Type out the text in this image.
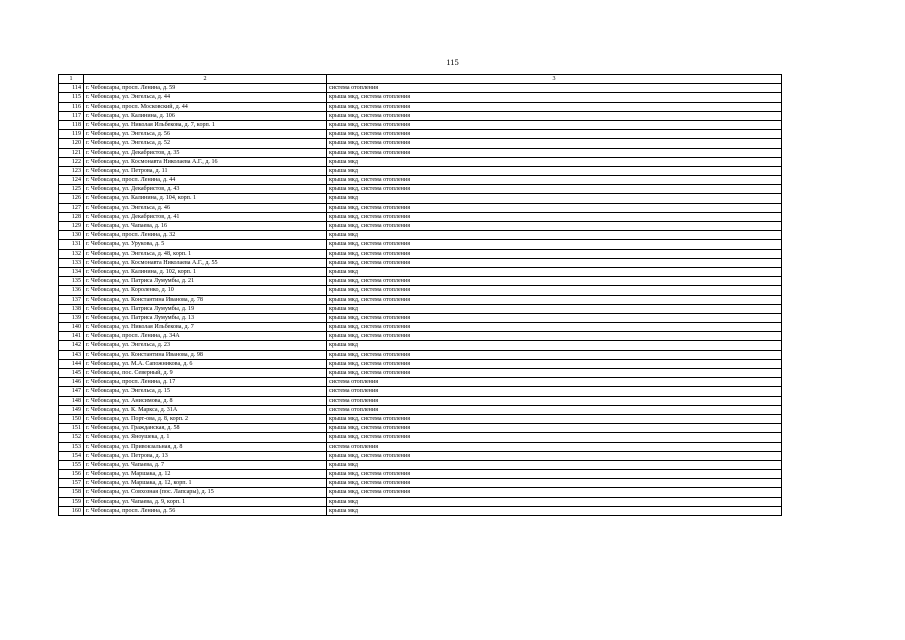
115
1	2	3
114	г. Чебоксары, просп. Ленина, д. 59	система отопления
115	г. Чебоксары, ул. Энгельса, д. 44	крыша мкд, система отопления
116	г. Чебоксары, просп. Московский, д. 44	крыша мкд, система отопления
117	г. Чебоксары, ул. Калинина, д. 106	крыша мкд, система отопления
118	г. Чебоксары, ул. Николая Ильбекова, д. 7, корп. 1	крыша мкд, система отопления
119	г. Чебоксары, ул. Энгельса, д. 56	крыша мкд, система отопления
120	г. Чебоксары, ул. Энгельса, д. 52	крыша мкд, система отопления
121	г. Чебоксары, ул. Декабристов, д. 35	крыша мкд, система отопления
122	г. Чебоксары, ул. Космонавта Николаева А.Г., д. 16	крыша мкд
123	г. Чебоксары, ул. Петрова, д. 11	крыша мкд
124	г. Чебоксары, просп. Ленина, д. 44	крыша мкд, система отопления
125	г. Чебоксары, ул. Декабристов, д. 43	крыша мкд, система отопления
126	г. Чебоксары, ул. Калинина, д. 104, корп. 1	крыша мкд
127	г. Чебоксары, ул. Энгельса, д. 46	крыша мкд, система отопления
128	г. Чебоксары, ул. Декабристов, д. 41	крыша мкд, система отопления
129	г. Чебоксары, ул. Чапаева, д. 16	крыша мкд, система отопления
130	г. Чебоксары, просп. Ленина, д. 32	крыша мкд
131	г. Чебоксары, ул. Урукова, д. 5	крыша мкд, система отопления
132	г. Чебоксары, ул. Энгельса, д. 48, корп. 1	крыша мкд, система отопления
133	г. Чебоксары, ул. Космонавта Николаева А.Г., д. 55	крыша мкд, система отопления
134	г. Чебоксары, ул. Калинина, д. 102, корп. 1	крыша мкд
135	г. Чебоксары, ул. Патриса Лумумбы, д. 21	крыша мкд, система отопления
136	г. Чебоксары, ул. Короленко, д. 10	крыша мкд, система отопления
137	г. Чебоксары, ул. Константина Иванова, д. 78	крыша мкд, система отопления
138	г. Чебоксары, ул. Патриса Лумумбы, д. 19	крыша мкд
139	г. Чебоксары, ул. Патриса Лумумбы, д. 13	крыша мкд, система отопления
140	г. Чебоксары, ул. Николая Ильбекова, д. 7	крыша мкд, система отопления
141	г. Чебоксары, просп. Ленина, д. 34А	крыша мкд, система отопления
142	г. Чебоксары, ул. Энгельса, д. 23	крыша мкд
143	г. Чебоксары, ул. Константина Иванова, д. 98	крыша мкд, система отопления
144	г. Чебоксары, ул. М.А. Сапожникова, д. 6	крыша мкд, система отопления
145	г. Чебоксары, пос. Северный, д. 9	крыша мкд, система отопления
146	г. Чебоксары, просп. Ленина, д. 17	система отопления
147	г. Чебоксары, ул. Энгельса, д. 15	система отопления
148	г. Чебоксары, ул. Анисимова, д. 8	система отопления
149	г. Чебоксары, ул. К. Маркса, д. 31А	система отопления
150	г. Чебоксары, ул. Порт-ова, д. 8, корп. 2	крыша мкд, система отопления
151	г. Чебоксары, ул. Гражданская, д. 58	крыша мкд, система отопления
152	г. Чебоксары, ул. Яноушека, д. 1	крыша мкд, система отопления
153	г. Чебоксары, ул. Привокзальная, д. 8	система отопления
154	г. Чебоксары, ул. Петрова, д. 13	крыша мкд, система отопления
155	г. Чебоксары, ул. Чапаева, д. 7	крыша мкд
156	г. Чебоксары, ул. Маршака, д. 12	крыша мкд, система отопления
157	г. Чебоксары, ул. Маршака, д. 12, корп. 1	крыша мкд, система отопления
158	г. Чебоксары, ул. Совхозная (пос. Лапсары), д. 15	крыша мкд, система отопления
159	г. Чебоксары, ул. Чапаева, д. 9, корп. 1	крыша мкд
160	г. Чебоксары, просп. Ленина, д. 56	крыша мкд
